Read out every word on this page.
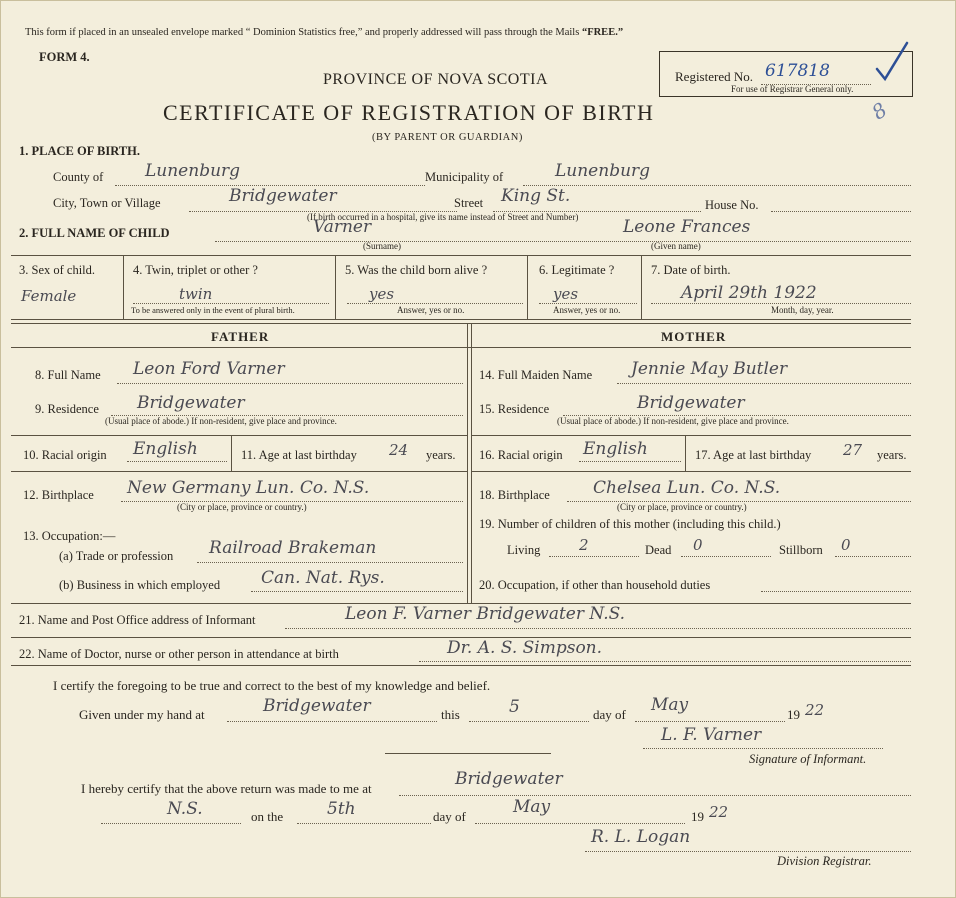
This form if placed in an unsealed envelope marked “ Dominion Statistics free,” and properly addressed will pass through the Mails “FREE.”
FORM 4.
PROVINCE OF NOVA SCOTIA
CERTIFICATE OF REGISTRATION OF BIRTH
(BY PARENT OR GUARDIAN)
Registered No. 617818
For use of Registrar General only.
8
1. PLACE OF BIRTH.
County of Lunenburg	Municipality of	Lunenburg
City, Town or Village	Bridgewater	Street King St.	House No.
(If birth occurred in a hospital, give its name instead of Street and Number)
2. FULL NAME OF CHILD	Varner
(Surname)
Leone Frances
(Given name)
3. Sex of child.
Female
4. Twin, triplet or other ?
twin
To be answered only in the event of plural birth.
5. Was the child born alive ?
yes
Answer, yes or no.
6. Legitimate ?
yes
Answer, yes or no.
7. Date of birth.
April 29th 1922
Month, day, year.
FATHER	MOTHER
8. Full Name Leon Ford Varner
9. Residence Bridgewater
(Usual place of abode.) If non-resident, give place and province.
10. Racial origin English	11. Age at last birthday 24 years.
12. Birthplace New Germany Lun. Co. N.S.
(City or place, province or country.)
13. Occupation:—
(a) Trade or profession Railroad Brakeman
(b) Business in which employed Can. Nat. Rys.
14. Full Maiden Name Jennie May Butler
15. Residence	Bridgewater
(Usual place of abode.) If non-resident, give place and province.
16. Racial origin English	17. Age at last birthday 27 years.
18. Birthplace	Chelsea Lun. Co. N.S.
(City or place, province or country.)
19. Number of children of this mother (including this child.)
Living	2	Dead 0	Stillborn 0
20. Occupation, if other than household duties
21. Name and Post Office address of Informant	Leon F. Varner Bridgewater N.S.
22. Name of Doctor, nurse or other person in attendance at birth	Dr. A. S. Simpson.
I certify the foregoing to be true and correct to the best of my knowledge and belief.
Given under my hand at	Bridgewater	this	5	day of May	19 22
L. F. Varner
Signature of Informant.
I hereby certify that the above return was made to me at	Bridgewater
N.S.	on the	5th	day of	May	19 22
R. L. Logan
Division Registrar.
